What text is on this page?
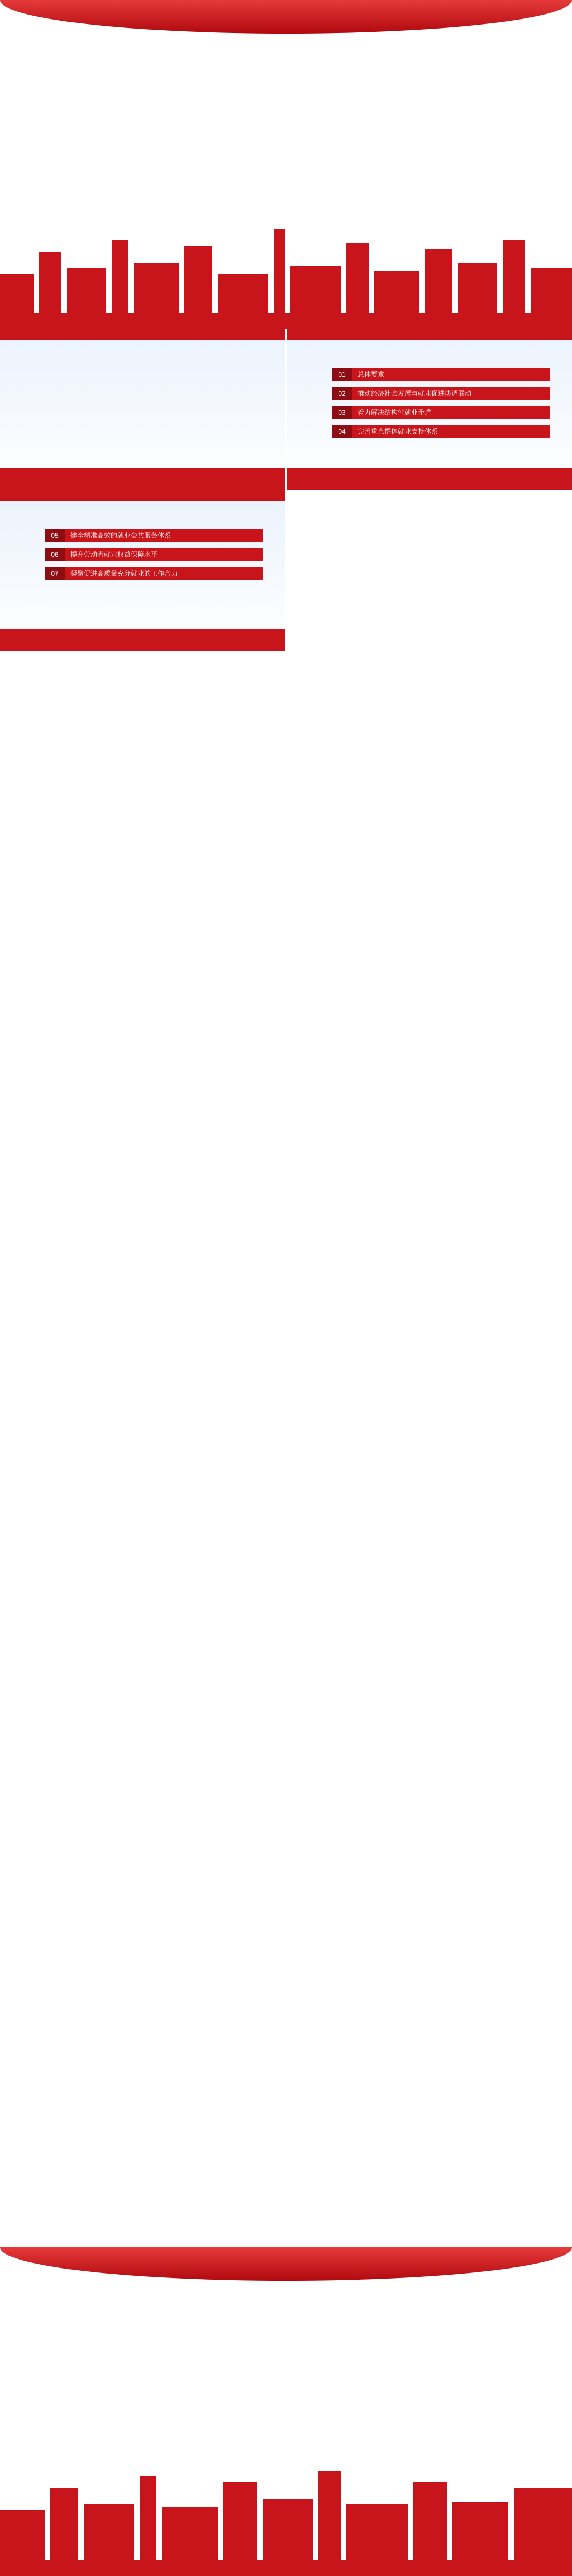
01 总体要求
02 推动经济社会发展与就业促进协调联动
03 着力解决结构性就业矛盾
04 完善重点群体就业支持体系
05 健全精准高效的就业公共服务体系
06 提升劳动者就业权益保障水平
07 凝聚促进高质量充分就业的工作合力
